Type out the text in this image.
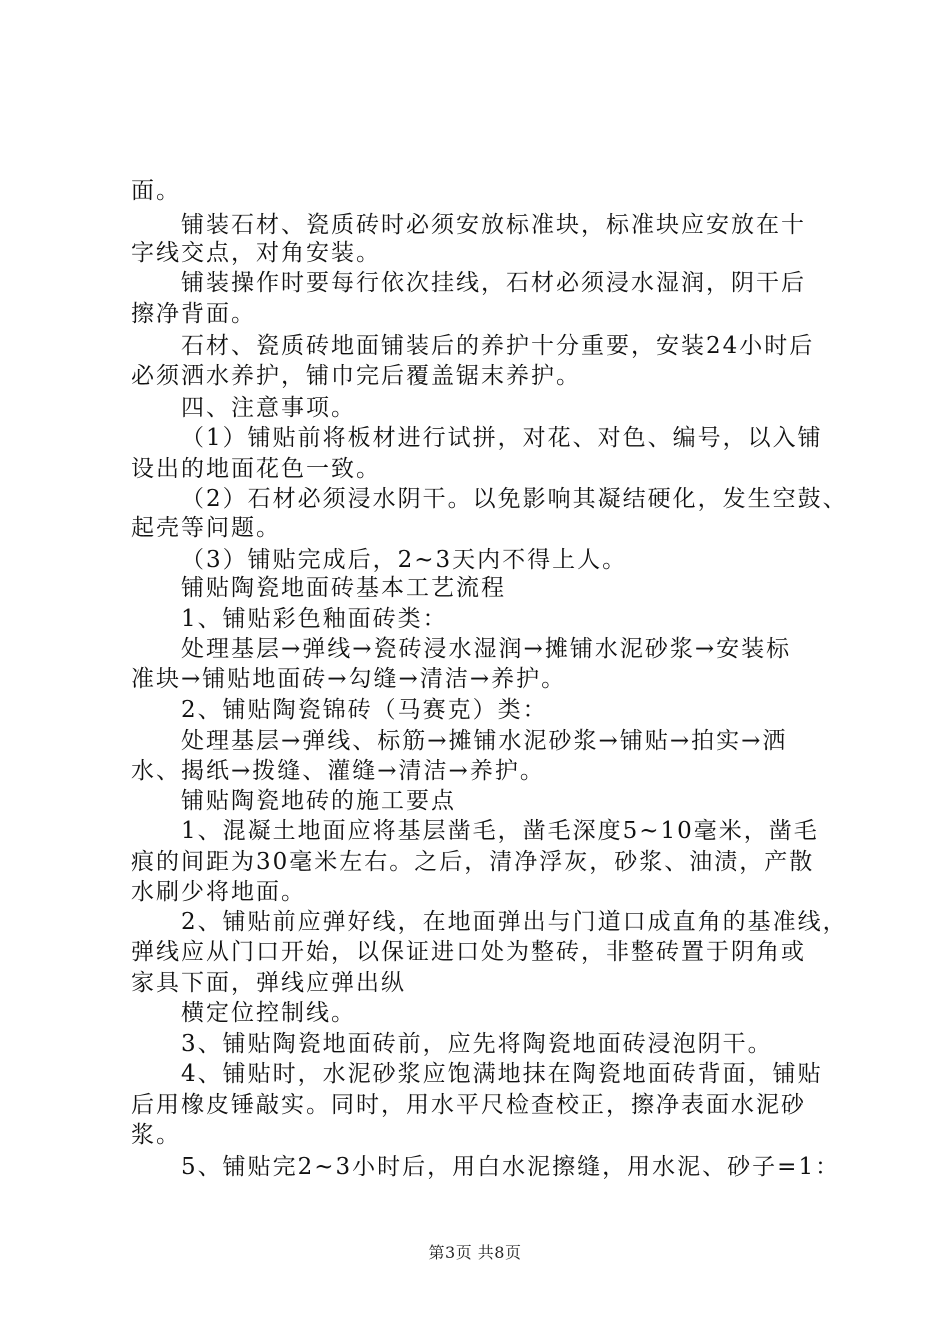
面。
铺装石材、瓷质砖时必须安放标准块，标准块应安放在十
字线交点，对角安装。
铺装操作时要每行依次挂线，石材必须浸水湿润，阴干后
擦净背面。
石材、瓷质砖地面铺装后的养护十分重要，安装24小时后
必须洒水养护，铺巾完后覆盖锯末养护。
四、注意事项。
（1）铺贴前将板材进行试拼，对花、对色、编号，以入铺
设出的地面花色一致。
（2）石材必须浸水阴干。以免影响其凝结硬化，发生空鼓、
起壳等问题。
（3）铺贴完成后，2~3天内不得上人。
铺贴陶瓷地面砖基本工艺流程
1、铺贴彩色釉面砖类：
处理基层→弹线→瓷砖浸水湿润→摊铺水泥砂浆→安装标
准块→铺贴地面砖→勾缝→清洁→养护。
2、铺贴陶瓷锦砖（马赛克）类：
处理基层→弹线、标筋→摊铺水泥砂浆→铺贴→拍实→洒
水、揭纸→拨缝、灌缝→清洁→养护。
铺贴陶瓷地砖的施工要点
1、混凝土地面应将基层凿毛，凿毛深度5~10毫米，凿毛
痕的间距为30毫米左右。之后，清净浮灰，砂浆、油渍，产散
水刷少将地面。
2、铺贴前应弹好线，在地面弹出与门道口成直角的基准线，
弹线应从门口开始，以保证进口处为整砖，非整砖置于阴角或
家具下面，弹线应弹出纵
横定位控制线。
3、铺贴陶瓷地面砖前，应先将陶瓷地面砖浸泡阴干。
4、铺贴时，水泥砂浆应饱满地抹在陶瓷地面砖背面，铺贴
后用橡皮锤敲实。同时，用水平尺检查校正，擦净表面水泥砂
浆。
5、铺贴完2~3小时后，用白水泥擦缝，用水泥、砂子=1：
第3页 共8页
